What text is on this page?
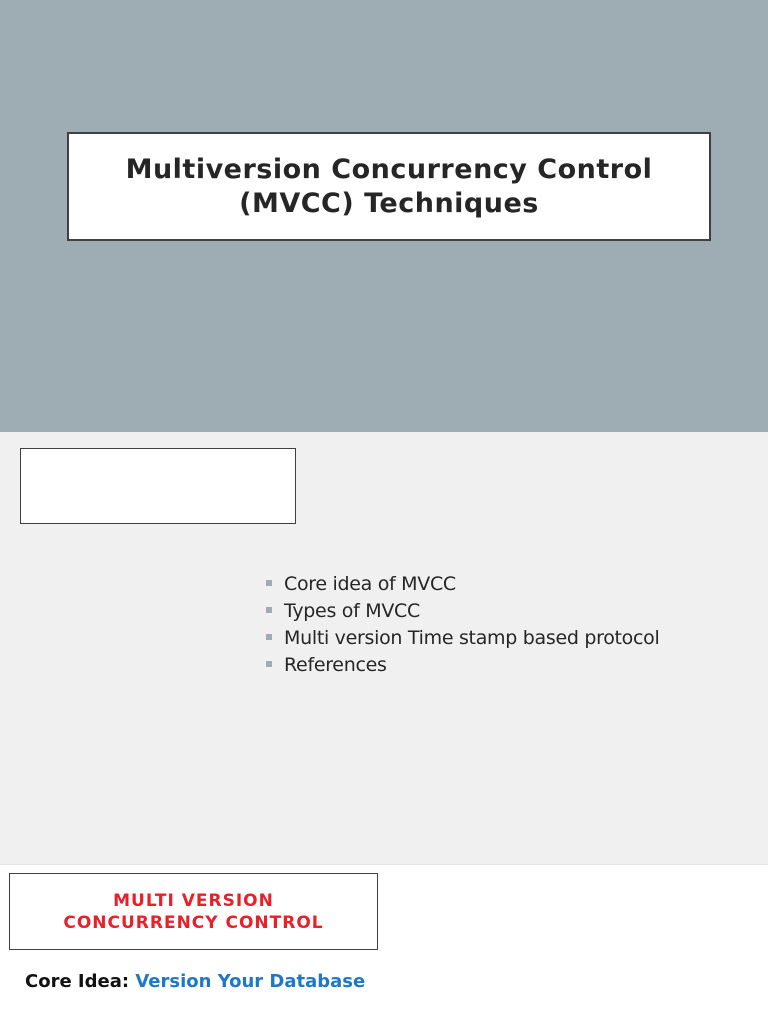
Multiversion Concurrency Control
(MVCC) Techniques
Core idea of MVCC
Types of MVCC
Multi version Time stamp based protocol
References
MULTI VERSION
CONCURRENCY CONTROL
Core Idea: Version Your Database
